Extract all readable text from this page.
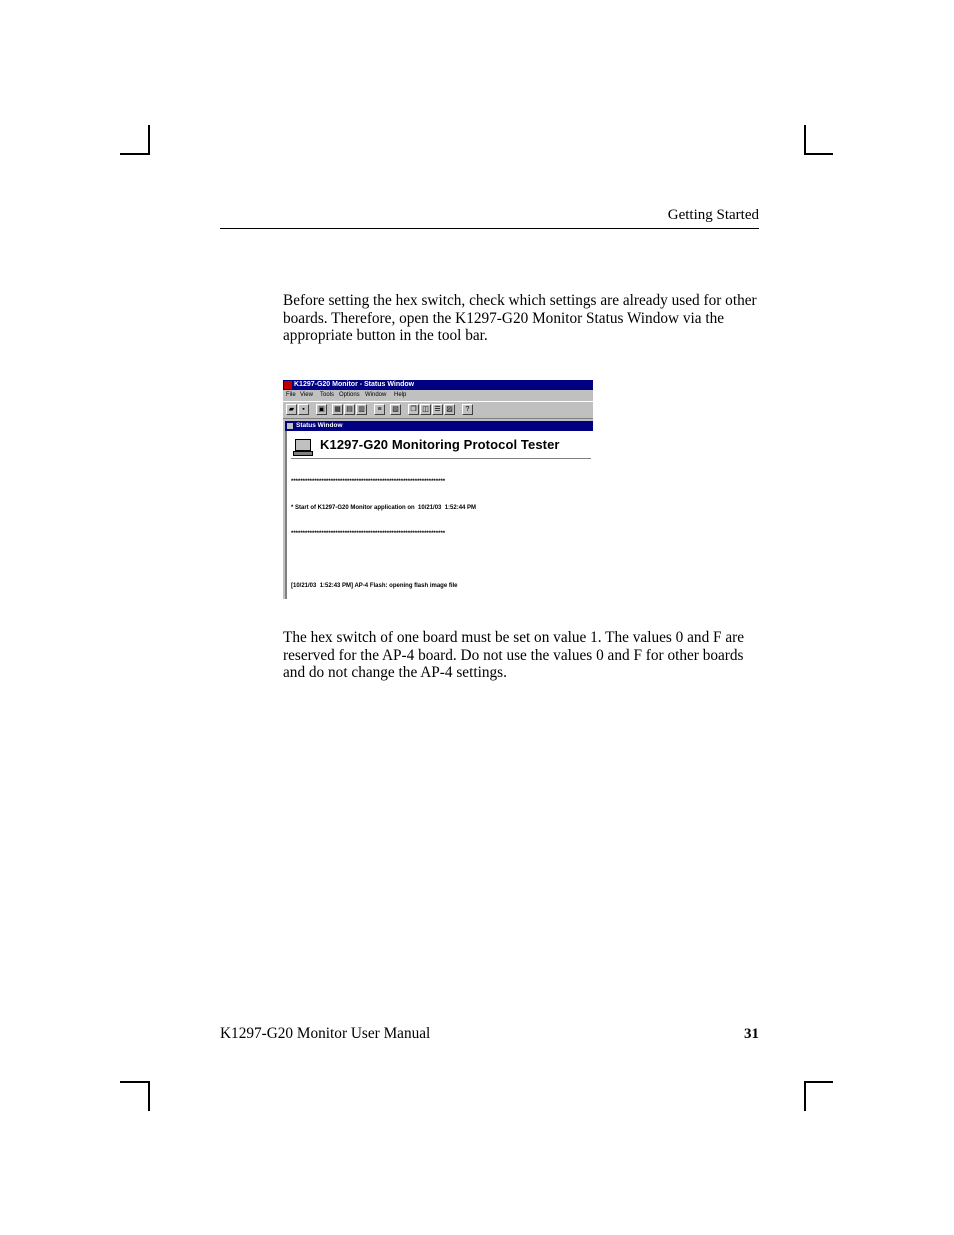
Getting Started

Before setting the hex switch, check which settings are already used for other boards. Therefore, open the K1297-G20 Monitor Status Window via the appropriate button in the tool bar.

K1297-G20 Monitor - Status Window
File View Tools Options Window Help
▰	▪	▣	▦ ▤ ▥	≡	▧	❐ ◫ ☰ ▨	?
Status Window
K1297-G20 Monitoring Protocol Tester

******************************************************************

* Start of K1297-G20 Monitor application on  10/21/03  1:52:44 PM

******************************************************************

[10/21/03  1:52:43 PM] AP-4 Flash: opening flash image file

The hex switch of one board must be set on value 1. The values 0 and F are reserved for the AP-4 board. Do not use the values 0 and F for other boards and do not change the AP-4 settings.

K1297-G20 Monitor User Manual	31
